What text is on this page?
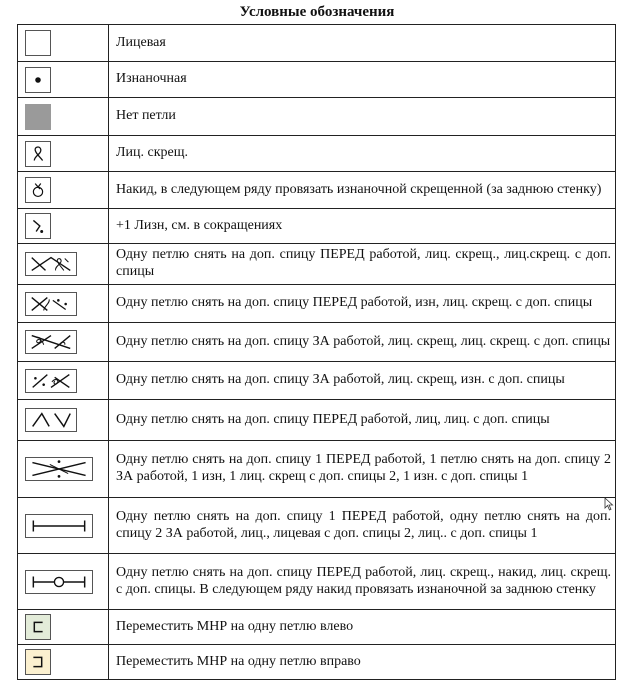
Условные обозначения
	Лицевая

	Изнаночная

	Нет петли

	Лиц. скрещ.

	Накид, в следующем ряду провязать изнаночной скрещенной (за заднюю стенку)

	+1 Лизн, см. в сокращениях

	Одну петлю снять на доп. спицу ПЕРЕД работой, лиц. скрещ., лиц.скрещ. с доп. спицы

	Одну петлю снять на доп. спицу ПЕРЕД работой, изн, лиц. скрещ. с доп. спицы

	Одну петлю снять на доп. спицу ЗА работой, лиц. скрещ, лиц. скрещ. с доп. спицы

	Одну петлю снять на доп. спицу ЗА работой, лиц. скрещ, изн. с доп. спицы

	Одну петлю снять на доп. спицу ПЕРЕД работой, лиц, лиц. с доп. спицы

	Одну петлю снять на доп. спицу 1 ПЕРЕД работой, 1 петлю снять на доп. спицу 2 ЗА работой, 1 изн, 1 лиц. скрещ с доп. спицы 2, 1 изн. с доп. спицы 1

	Одну петлю снять на доп. спицу 1 ПЕРЕД работой, одну петлю снять на доп. спицу 2 ЗА работой, лиц., лицевая с доп. спицы 2, лиц.. с доп. спицы 1

	Одну петлю снять на доп. спицу ПЕРЕД работой, лиц. скрещ., накид, лиц. скрещ. с доп. спицы. В следующем ряду накид провязать изнаночной за заднюю стенку

	Переместить МНР на одну петлю влево

	Переместить МНР на одну петлю вправо
